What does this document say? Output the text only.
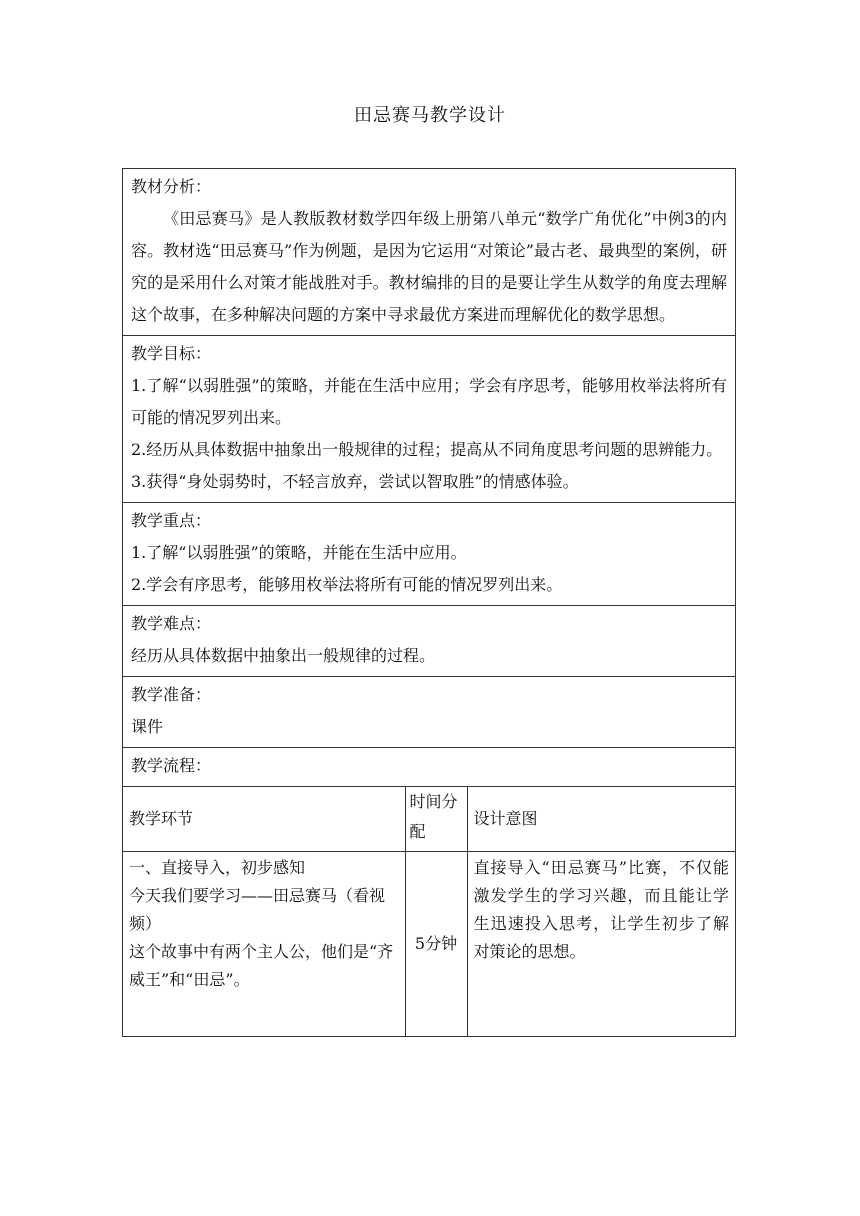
田忌赛马教学设计

教材分析：

《田忌赛马》是人教版教材数学四年级上册第八单元“数学广角优化”中例3的内容。教材选“田忌赛马”作为例题，是因为它运用“对策论”最古老、最典型的案例，研究的是采用什么对策才能战胜对手。教材编排的目的是要让学生从数学的角度去理解这个故事，在多种解决问题的方案中寻求最优方案进而理解优化的数学思想。

教学目标：

1.了解“以弱胜强”的策略，并能在生活中应用；学会有序思考，能够用枚举法将所有可能的情况罗列出来。

2.经历从具体数据中抽象出一般规律的过程；提高从不同角度思考问题的思辨能力。

3.获得“身处弱势时，不轻言放弃，尝试以智取胜”的情感体验。

教学重点：

1.了解“以弱胜强”的策略，并能在生活中应用。

2.学会有序思考，能够用枚举法将所有可能的情况罗列出来。

教学难点：

经历从具体数据中抽象出一般规律的过程。

教学准备：

课件

教学流程：

教学环节	时间分配	设计意图

一、直接导入，初步感知

今天我们要学习——田忌赛马（看视频）

这个故事中有两个主人公，他们是“齐威王”和“田忌”。	5分钟	直接导入“田忌赛马”比赛，不仅能激发学生的学习兴趣，而且能让学生迅速投入思考，让学生初步了解对策论的思想。
